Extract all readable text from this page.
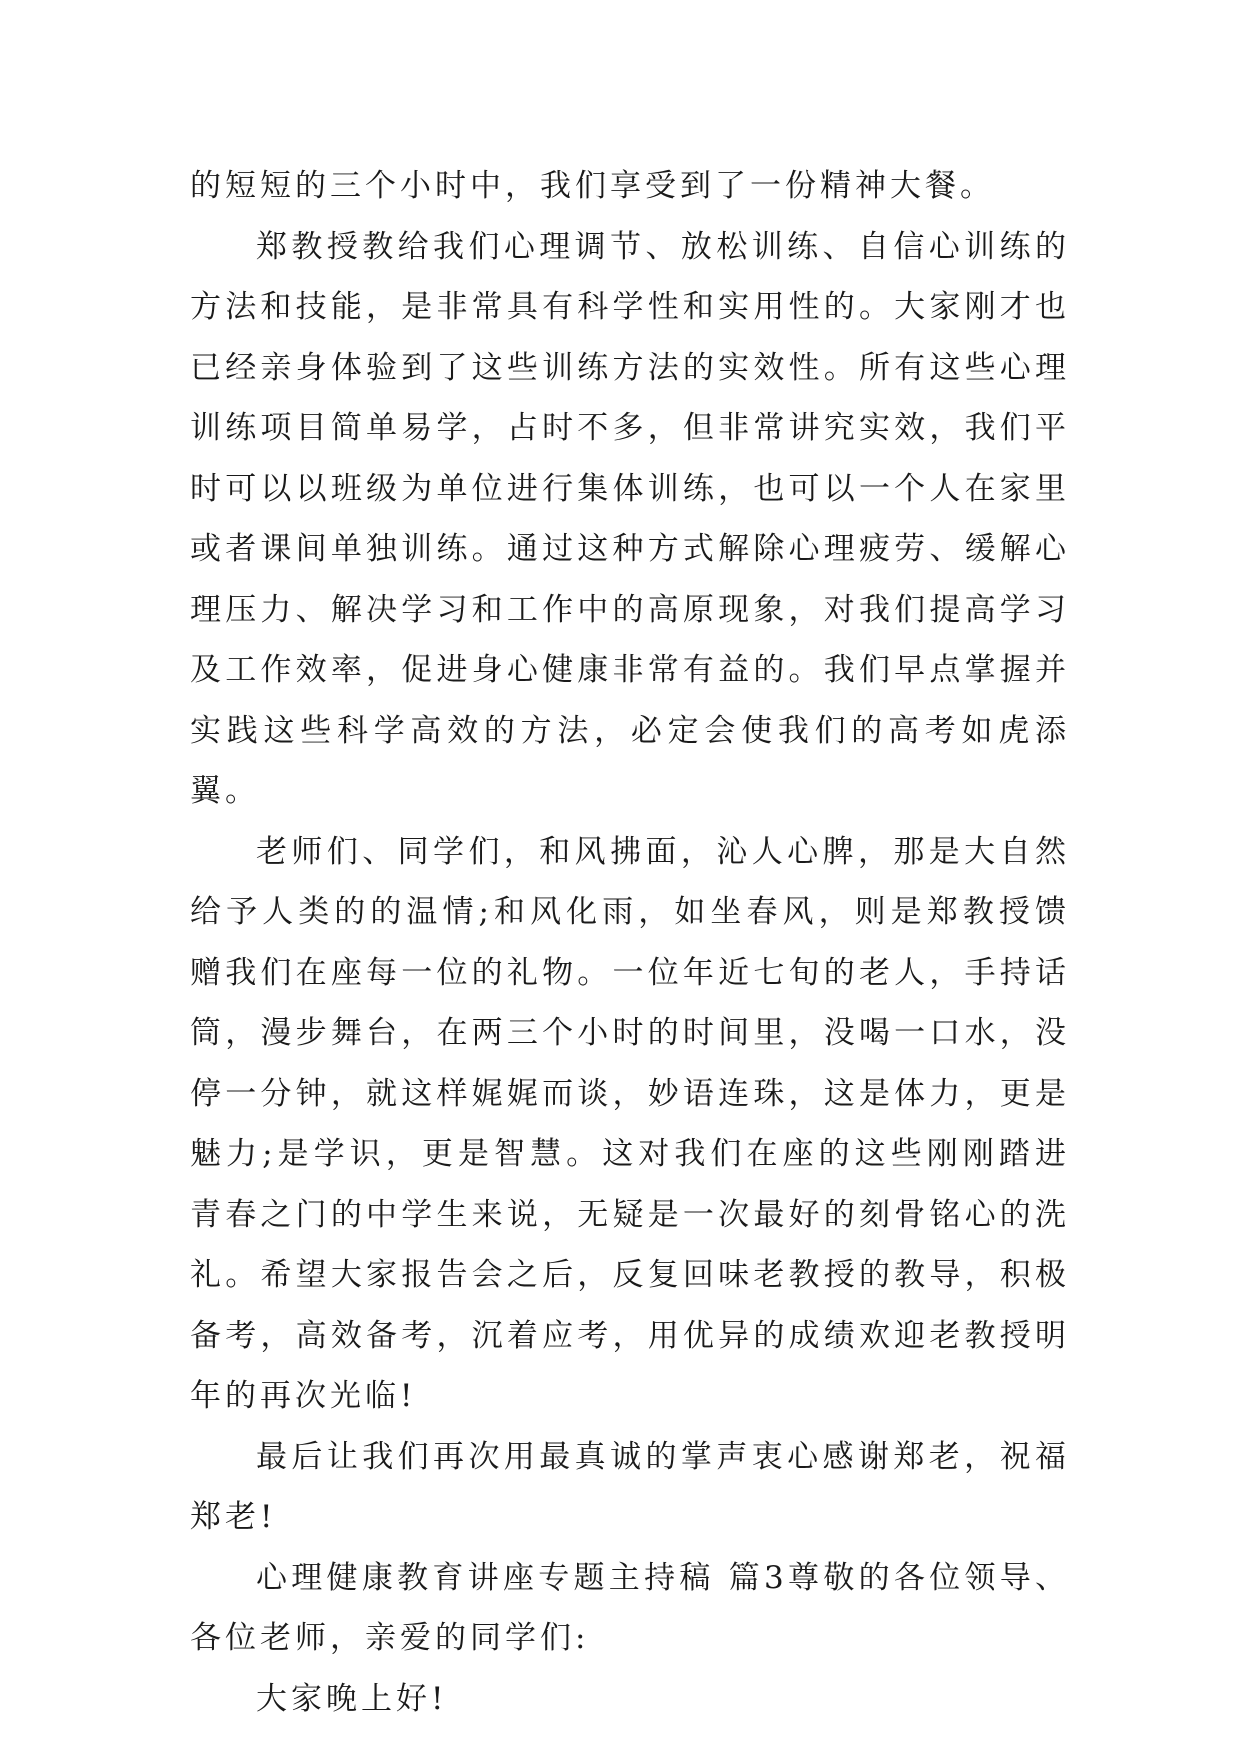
的短短的三个小时中，我们享受到了一份精神大餐。

郑教授教给我们心理调节、放松训练、自信心训练的方法和技能，是非常具有科学性和实用性的。大家刚才也已经亲身体验到了这些训练方法的实效性。所有这些心理训练项目简单易学，占时不多，但非常讲究实效，我们平时可以以班级为单位进行集体训练，也可以一个人在家里或者课间单独训练。通过这种方式解除心理疲劳、缓解心理压力、解决学习和工作中的高原现象，对我们提高学习及工作效率，促进身心健康非常有益的。我们早点掌握并实践这些科学高效的方法，必定会使我们的高考如虎添翼。

老师们、同学们，和风拂面，沁人心脾，那是大自然给予人类的的温情;和风化雨，如坐春风，则是郑教授馈赠我们在座每一位的礼物。一位年近七旬的老人，手持话筒，漫步舞台，在两三个小时的时间里，没喝一口水，没停一分钟，就这样娓娓而谈，妙语连珠，这是体力，更是魅力;是学识，更是智慧。这对我们在座的这些刚刚踏进青春之门的中学生来说，无疑是一次最好的刻骨铭心的洗礼。希望大家报告会之后，反复回味老教授的教导，积极备考，高效备考，沉着应考，用优异的成绩欢迎老教授明年的再次光临!

最后让我们再次用最真诚的掌声衷心感谢郑老，祝福郑老!

心理健康教育讲座专题主持稿 篇3尊敬的各位领导、各位老师，亲爱的同学们:

大家晚上好!
